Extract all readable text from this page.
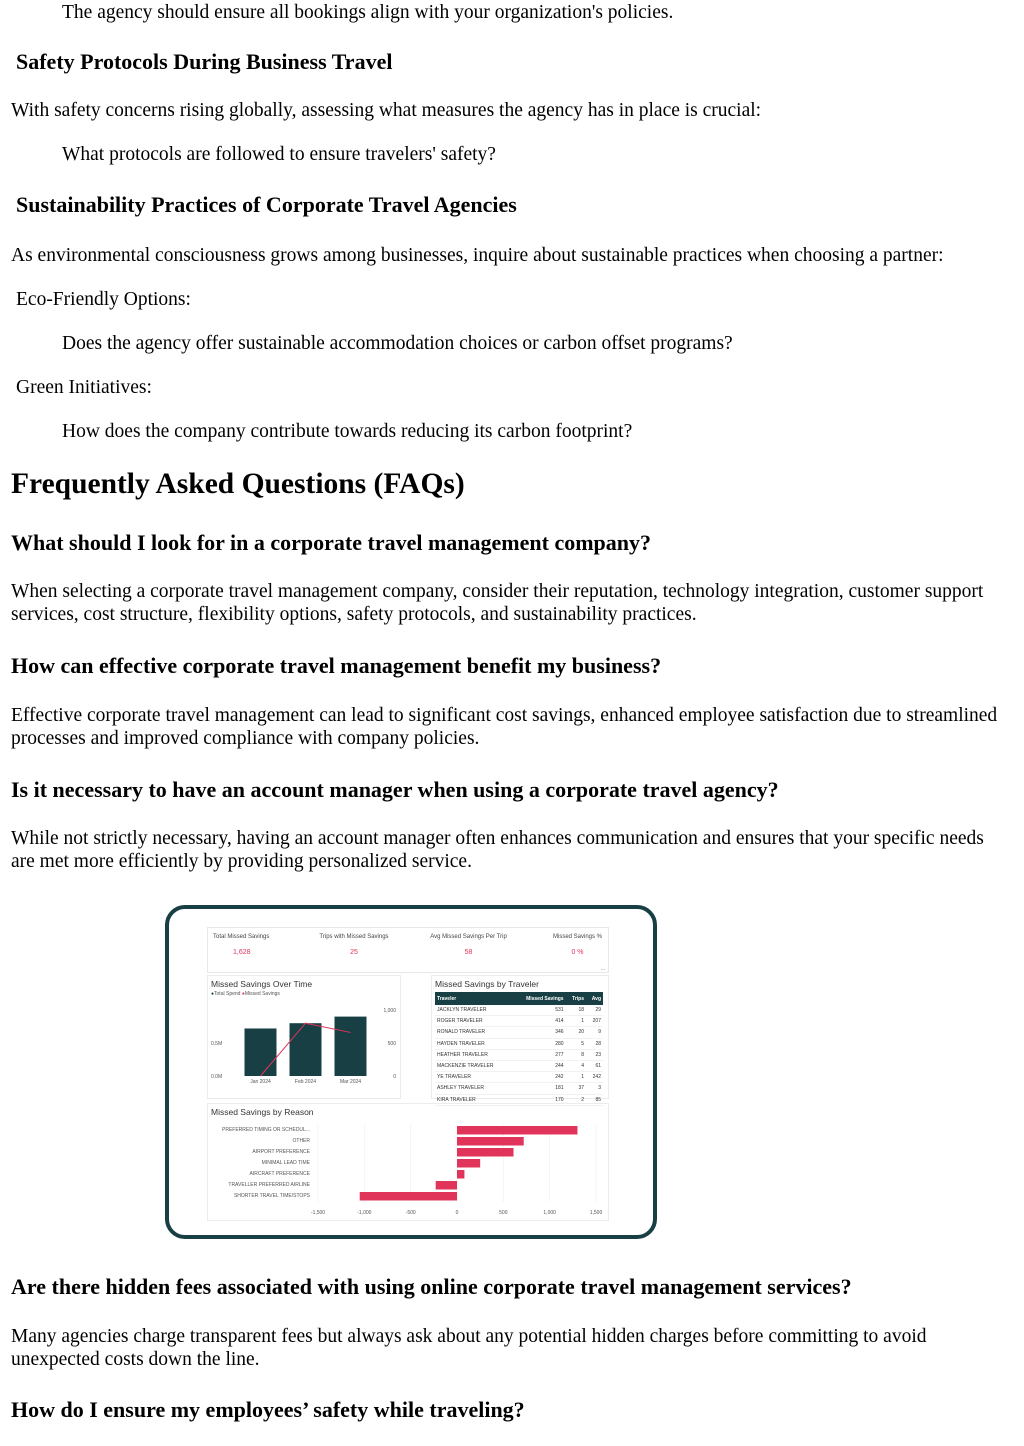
The agency should ensure all bookings align with your organization's policies.

Safety Protocols During Business Travel

With safety concerns rising globally, assessing what measures the agency has in place is crucial:

What protocols are followed to ensure travelers' safety?

Sustainability Practices of Corporate Travel Agencies

As environmental consciousness grows among businesses, inquire about sustainable practices when choosing a partner:

Eco-Friendly Options:

Does the agency offer sustainable accommodation choices or carbon offset programs?

Green Initiatives:

How does the company contribute towards reducing its carbon footprint?

Frequently Asked Questions (FAQs)
What should I look for in a corporate travel management company?

When selecting a corporate travel management company, consider their reputation, technology integration, customer support services, cost structure, flexibility options, safety protocols, and sustainability practices.

How can effective corporate travel management benefit my business?

Effective corporate travel management can lead to significant cost savings, enhanced employee satisfaction due to streamlined processes and improved compliance with company policies.

Is it necessary to have an account manager when using a corporate travel agency?

While not strictly necessary, having an account manager often enhances communication and ensures that your specific needs are met more efficiently by providing personalized service.

Total Missed Savings
1,628
Trips with Missed Savings
25
Avg Missed Savings Per Trip
58
Missed Savings %
0 %
...
Missed Savings Over Time
●Total Spend ●Missed Savings
Jan 2024	Feb 2024	Mar 2024
0.0M
0.5M
0
500
1,000
Missed Savings by Traveler
Traveler	Missed Savings	Trips	Avg
JACKLYN TRAVELER	531	18	29
ROGER TRAVELER	414	1	207
RONALD TRAVELER	346	20	9
HAYDEN TRAVELER	280	5	28
HEATHER TRAVELER	277	8	23
MACKENZIE TRAVELER	244	4	61
YE TRAVELER	242	1	242
ASHLEY TRAVELER	181	37	3
KIRA TRAVELER	170	2	85
Missed Savings by Reason
PREFERRED TIMING OR SCHEDUL...
OTHER
AIRPORT PREFERENCE
MINIMAL LEAD TIME
AIRCRAFT PREFERENCE
TRAVELLER PREFERRED AIRLINE
SHORTER TRAVEL TIME/STOPS
-1,500	-1,000	-500	0	500	1,000	1,500
Are there hidden fees associated with using online corporate travel management services?

Many agencies charge transparent fees but always ask about any potential hidden charges before committing to avoid unexpected costs down the line.

How do I ensure my employees’ safety while traveling?
